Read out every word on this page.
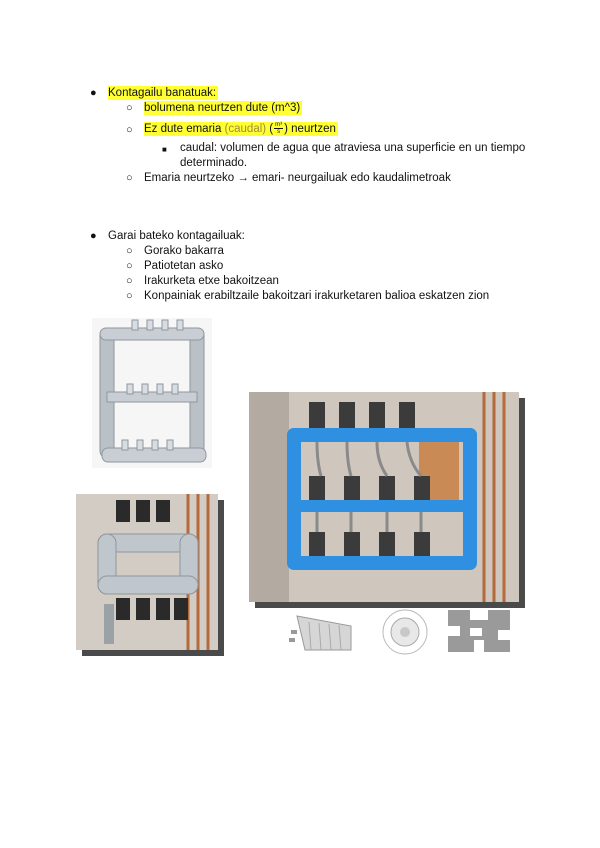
● Kontagailu banatuak:
○ bolumena neurtzen dute (m^3)
○ Ez dute emaria (caudal) ( $\frac{\text{m³}}{s}$ ) neurtzen
■ caudal: volumen de agua que atraviesa una superficie en un tiempo
determinado.
○ Emaria neurtzeko → emari- neurgailuak edo kaudalimetroak
● Garai bateko kontagailuak:
○ Gorako bakarra
○ Patiotetan asko
○ Irakurketa etxe bakoitzean
○ Konpainiak erabiltzaile bakoitzari irakurketaren balioa eskatzen zion
